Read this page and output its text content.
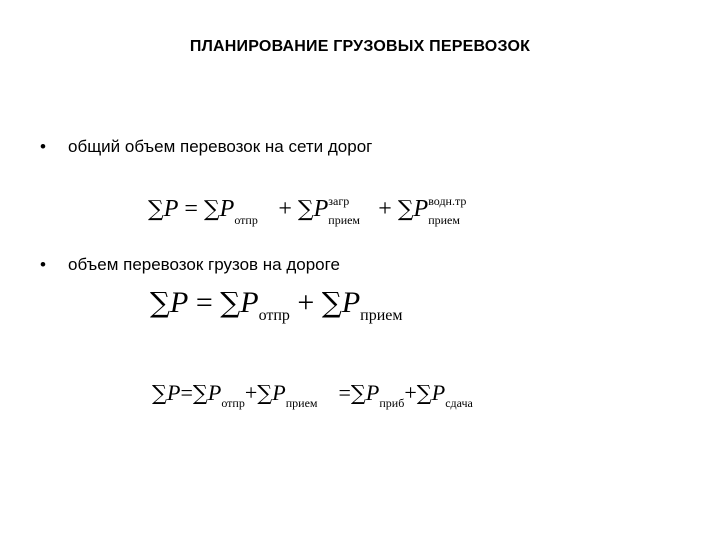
ПЛАНИРОВАНИЕ ГРУЗОВЫХ ПЕРЕВОЗОК
• общий объем перевозок на сети дорог
∑P = ∑P отпр + ∑P загр
прием + ∑P водн.тр
прием
• объем перевозок грузов на дороге
$\sum P = \sum P_{отпр} + \sum P_{прием}$
$\sum P=\sum P_{отпр}+\sum P_{прием} =\sum P_{приб}+\sum P_{сдача}$
